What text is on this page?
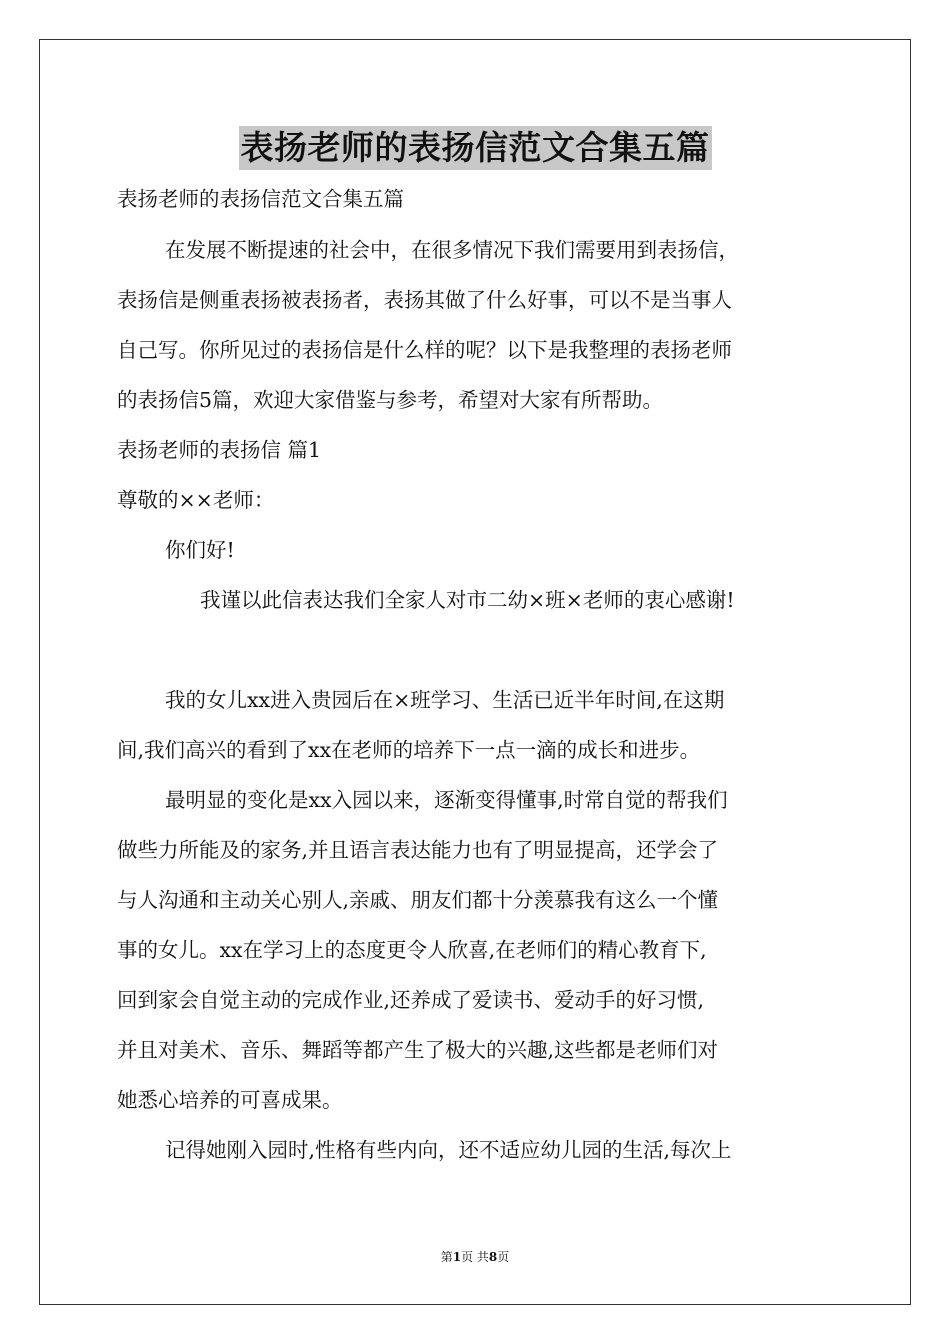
表扬老师的表扬信范文合集五篇
表扬老师的表扬信范文合集五篇
在发展不断提速的社会中，在很多情况下我们需要用到表扬信，
表扬信是侧重表扬被表扬者，表扬其做了什么好事，可以不是当事人
自己写。你所见过的表扬信是什么样的呢？以下是我整理的表扬老师
的表扬信5篇，欢迎大家借鉴与参考，希望对大家有所帮助。
表扬老师的表扬信 篇1
尊敬的××老师：
你们好!
我谨以此信表达我们全家人对市二幼×班×老师的衷心感谢!
我的女儿xx进入贵园后在×班学习、生活已近半年时间,在这期
间,我们高兴的看到了xx在老师的培养下一点一滴的成长和进步。
最明显的变化是xx入园以来，逐渐变得懂事,时常自觉的帮我们
做些力所能及的家务,并且语言表达能力也有了明显提高，还学会了
与人沟通和主动关心别人,亲戚、朋友们都十分羡慕我有这么一个懂
事的女儿。xx在学习上的态度更令人欣喜,在老师们的精心教育下,
回到家会自觉主动的完成作业,还养成了爱读书、爱动手的好习惯,
并且对美术、音乐、舞蹈等都产生了极大的兴趣,这些都是老师们对
她悉心培养的可喜成果。
记得她刚入园时,性格有些内向，还不适应幼儿园的生活,每次上
第1页 共8页
